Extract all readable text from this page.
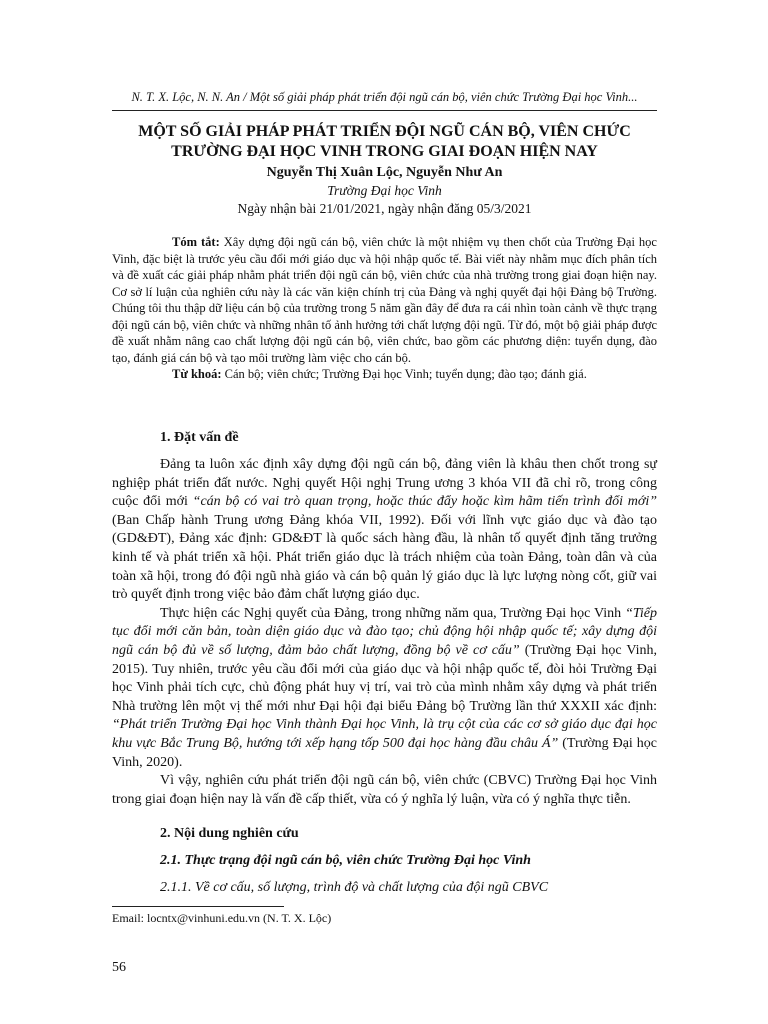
N. T. X. Lộc, N. N. An / Một số giải pháp phát triển đội ngũ cán bộ, viên chức Trường Đại học Vinh...
MỘT SỐ GIẢI PHÁP PHÁT TRIỂN ĐỘI NGŨ CÁN BỘ, VIÊN CHỨC
TRƯỜNG ĐẠI HỌC VINH TRONG GIAI ĐOẠN HIỆN NAY
Nguyễn Thị Xuân Lộc, Nguyễn Như An
Trường Đại học Vinh
Ngày nhận bài 21/01/2021, ngày nhận đăng 05/3/2021

Tóm tắt: Xây dựng đội ngũ cán bộ, viên chức là một nhiệm vụ then chốt của Trường Đại học Vinh, đặc biệt là trước yêu cầu đổi mới giáo dục và hội nhập quốc tế. Bài viết này nhằm mục đích phân tích và đề xuất các giải pháp nhằm phát triển đội ngũ cán bộ, viên chức của nhà trường trong giai đoạn hiện nay. Cơ sở lí luận của nghiên cứu này là các văn kiện chính trị của Đảng và nghị quyết đại hội Đảng bộ Trường. Chúng tôi thu thập dữ liệu cán bộ của trường trong 5 năm gần đây để đưa ra cái nhìn toàn cảnh về thực trạng đội ngũ cán bộ, viên chức và những nhân tố ảnh hưởng tới chất lượng đội ngũ. Từ đó, một bộ giải pháp được đề xuất nhằm nâng cao chất lượng đội ngũ cán bộ, viên chức, bao gồm các phương diện: tuyển dụng, đào tạo, đánh giá cán bộ và tạo môi trường làm việc cho cán bộ.

Từ khoá: Cán bộ; viên chức; Trường Đại học Vinh; tuyển dụng; đào tạo; đánh giá.

1. Đặt vấn đề

Đảng ta luôn xác định xây dựng đội ngũ cán bộ, đảng viên là khâu then chốt trong sự nghiệp phát triển đất nước. Nghị quyết Hội nghị Trung ương 3 khóa VII đã chỉ rõ, trong công cuộc đổi mới “cán bộ có vai trò quan trọng, hoặc thúc đẩy hoặc kìm hãm tiến trình đổi mới” (Ban Chấp hành Trung ương Đảng khóa VII, 1992). Đối với lĩnh vực giáo dục và đào tạo (GD&ĐT), Đảng xác định: GD&ĐT là quốc sách hàng đầu, là nhân tố quyết định tăng trưởng kinh tế và phát triển xã hội. Phát triển giáo dục là trách nhiệm của toàn Đảng, toàn dân và của toàn xã hội, trong đó đội ngũ nhà giáo và cán bộ quản lý giáo dục là lực lượng nòng cốt, giữ vai trò quyết định trong việc bảo đảm chất lượng giáo dục.

Thực hiện các Nghị quyết của Đảng, trong những năm qua, Trường Đại học Vinh “Tiếp tục đổi mới căn bản, toàn diện giáo dục và đào tạo; chủ động hội nhập quốc tế; xây dựng đội ngũ cán bộ đủ về số lượng, đảm bảo chất lượng, đồng bộ về cơ cấu” (Trường Đại học Vinh, 2015). Tuy nhiên, trước yêu cầu đổi mới của giáo dục và hội nhập quốc tế, đòi hỏi Trường Đại học Vinh phải tích cực, chủ động phát huy vị trí, vai trò của mình nhằm xây dựng và phát triển Nhà trường lên một vị thế mới như Đại hội đại biểu Đảng bộ Trường lần thứ XXXII xác định: “Phát triển Trường Đại học Vinh thành Đại học Vinh, là trụ cột của các cơ sở giáo dục đại học khu vực Bắc Trung Bộ, hướng tới xếp hạng tốp 500 đại học hàng đầu châu Á” (Trường Đại học Vinh, 2020).

Vì vậy, nghiên cứu phát triển đội ngũ cán bộ, viên chức (CBVC) Trường Đại học Vinh trong giai đoạn hiện nay là vấn đề cấp thiết, vừa có ý nghĩa lý luận, vừa có ý nghĩa thực tiễn.

2. Nội dung nghiên cứu
2.1. Thực trạng đội ngũ cán bộ, viên chức Trường Đại học Vinh
2.1.1. Về cơ cấu, số lượng, trình độ và chất lượng của đội ngũ CBVC
Email: locntx@vinhuni.edu.vn (N. T. X. Lộc)
56
